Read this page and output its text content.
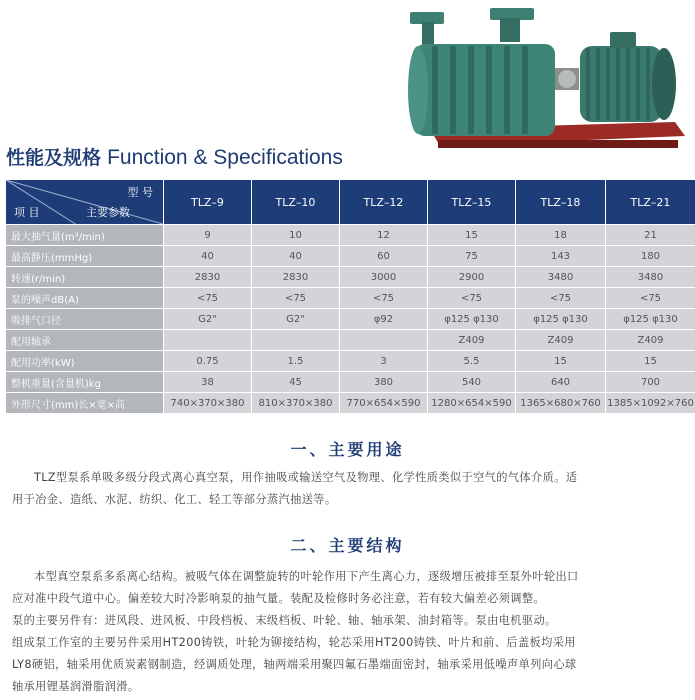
性能及规格 Function & Specifications
型 号
项 目 主要参数	TLZ–9	TLZ–10	TLZ–12	TLZ–15	TLZ–18	TLZ–21
最大抽气量(m³/min)	9	10	12	15	18	21
最高静压(mmHg)	40	40	60	75	143	180
转速(r/min)	2830	2830	3000	2900	3480	3480
泵的噪声dB(A)	<75	<75	<75	<75	<75	<75
吸排气口径	G2"	G2"	φ92	φ125 φ130	φ125 φ130	φ125 φ130
配用轴承				Z409	Z409	Z409
配用功率(kW)	0.75	1.5	3	5.5	15	15
整机重量(含量机)kg	38	45	380	540	640	700
外形尺寸(mm)长×宽×高	740×370×380	810×370×380	770×654×590	1280×654×590	1365×680×760	1385×1092×760
一、主要用途
TLZ型泵系单吸多级分段式离心真空泵，用作抽吸或输送空气及物理、化学性质类似于空气的气体介质。适
用于冶金、造纸、水泥、纺织、化工、轻工等部分蒸汽抽送等。
二、主要结构
本型真空泵系多系离心结构。被吸气体在调整旋转的叶轮作用下产生离心力，逐级增压被排至泵外叶轮出口
应对准中段气道中心。偏差较大时冷影响泵的抽气量。装配及检修时务必注意，若有较大偏差必须调整。
泵的主要另件有：进风段、进风板、中段档板、末级档板、叶轮、轴、轴承架、油封箱等。泵由电机驱动。
组成泵工作室的主要另件采用HT200铸铁，叶轮为铆接结构，轮芯采用HT200铸铁、叶片和前、后盖板均采用
LY8硬铝，轴采用优质炭素钢制造，经调质处理，轴两端采用聚四氟石墨端面密封，轴承采用低噪声单列向心球
轴承用锂基润滑脂润滑。
